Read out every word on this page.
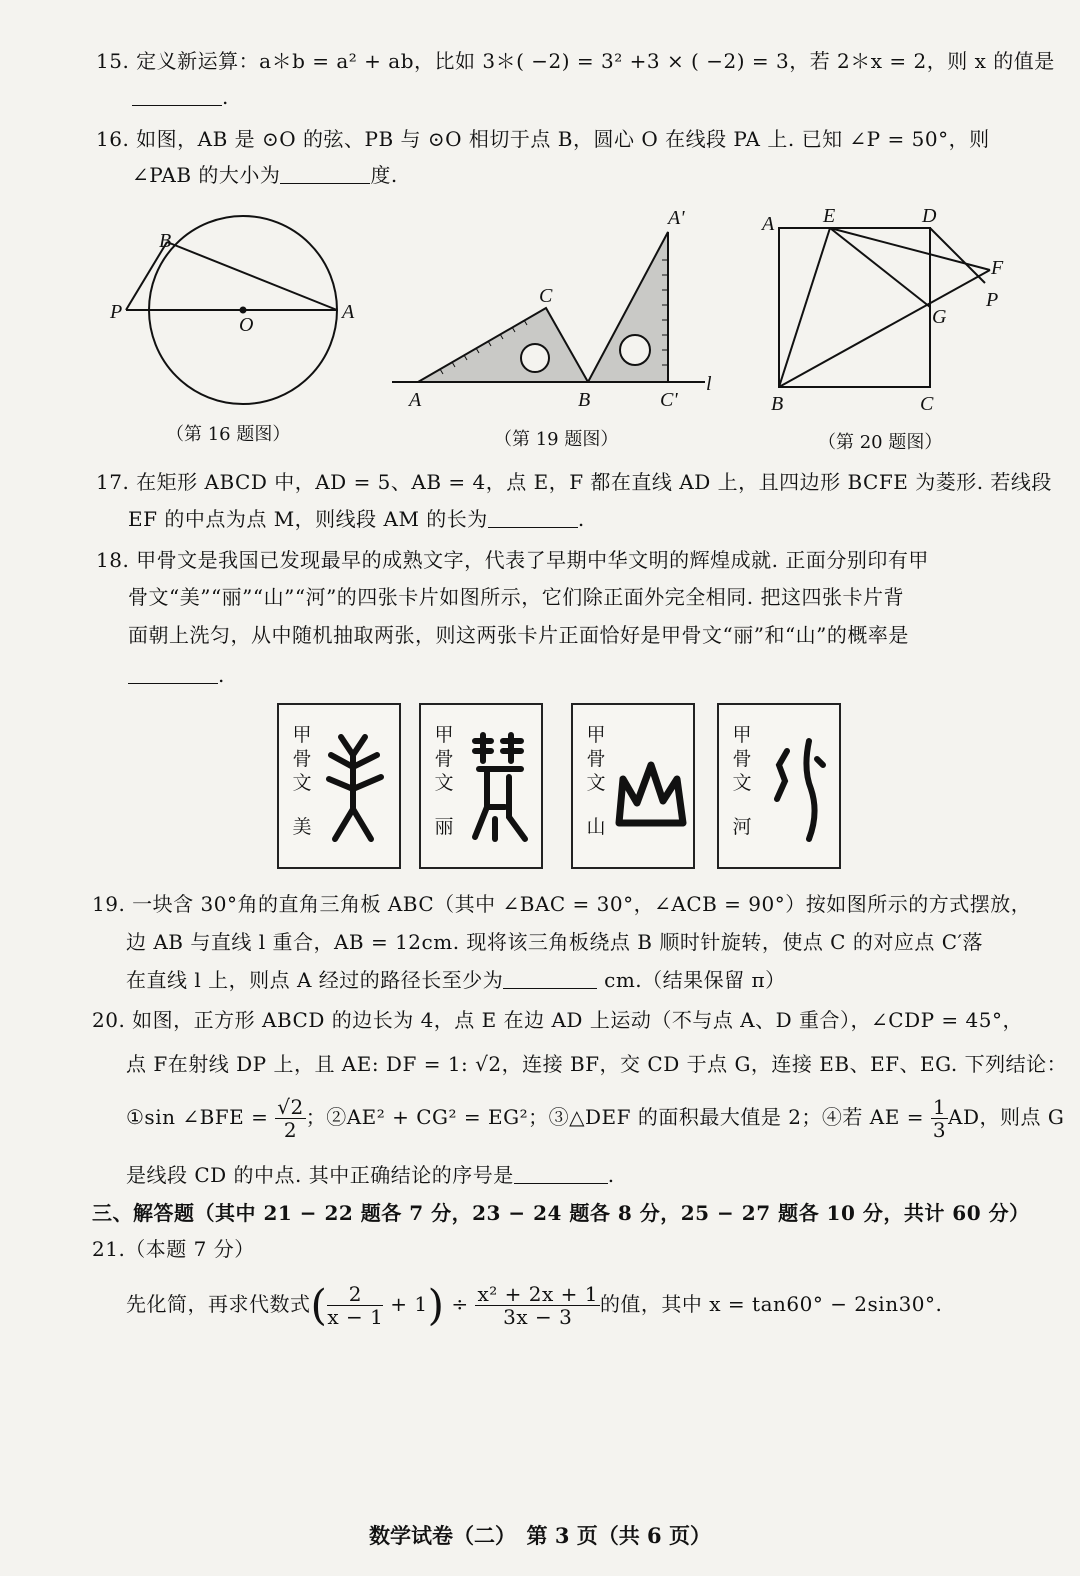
15. 定义新运算：a＊b = a² + ab，比如 3＊( −2) = 3² +3 × ( −2) = 3，若 2＊x = 2，则 x 的值是
.
16. 如图，AB 是 ⊙O 的弦、PB 与 ⊙O 相切于点 B，圆心 O 在线段 PA 上. 已知 ∠P = 50°，则
∠PAB 的大小为	度.
B
P
O
A
A'
C
A	B	C'
l
A E	D
F
P
G
B	C
（第 16 题图）	（第 19 题图）	（第 20 题图）
17. 在矩形 ABCD 中，AD = 5、AB = 4，点 E，F 都在直线 AD 上，且四边形 BCFE 为菱形. 若线段
EF 的中点为点 M，则线段 AM 的长为	.
18. 甲骨文是我国已发现最早的成熟文字，代表了早期中华文明的辉煌成就. 正面分别印有甲
骨文“美”“丽”“山”“河”的四张卡片如图所示，它们除正面外完全相同. 把这四张卡片背
面朝上洗匀，从中随机抽取两张，则这两张卡片正面恰好是甲骨文“丽”和“山”的概率是
.
甲骨文
美
甲骨文
丽
甲骨文
山
甲骨文
河
19. 一块含 30°角的直角三角板 ABC（其中 ∠BAC = 30°，∠ACB = 90°）按如图所示的方式摆放，
边 AB 与直线 l 重合，AB = 12cm. 现将该三角板绕点 B 顺时针旋转，使点 C 的对应点 C′落
在直线 l 上，则点 A 经过的路径长至少为	cm.（结果保留 π）
20. 如图，正方形 ABCD 的边长为 4，点 E 在边 AD 上运动（不与点 A、D 重合），∠CDP = 45°，
点 F在射线 DP 上，且 AE: DF = 1: √2，连接 BF，交 CD 于点 G，连接 EB、EF、EG. 下列结论：
①sin ∠BFE = $\frac{√2}{2}$ ；②AE² + CG² = EG²；③△DEF 的面积最大值是 2；④若 AE = $\frac{1}{3}$ AD，则点 G
是线段 CD 的中点. 其中正确结论的序号是	.
三、解答题（其中 21 − 22 题各 7 分，23 − 24 题各 8 分，25 − 27 题各 10 分，共计 60 分）
21.（本题 7 分）
先化简，再求代数式( $\frac{2}{x - 1} + 1) \div \frac{\text{x² + 2x + 1}}{3x - 3}$ 的值，其中 x = tan60° − 2sin30°.
数学试卷（二）　第 3 页（共 6 页）
